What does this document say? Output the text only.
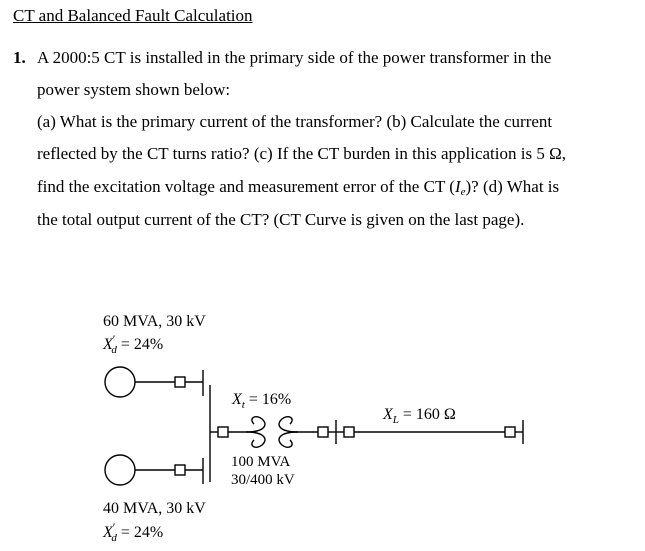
CT and Balanced Fault Calculation
1. A 2000:5 CT is installed in the primary side of the power transformer in the
power system shown below:
(a) What is the primary current of the transformer? (b) Calculate the current
reflected by the CT turns ratio? (c) If the CT burden in this application is 5 Ω,
find the excitation voltage and measurement error of the CT (Ie)? (d) What is
the total output current of the CT? (CT Curve is given on the last page).
60 MVA, 30 kV
X′ d = 24%
40 MVA, 30 kV
X′ d = 24%
$X_t = 16\%$
100 MVA
30/400 kV
$X_L = 160$ Ω
